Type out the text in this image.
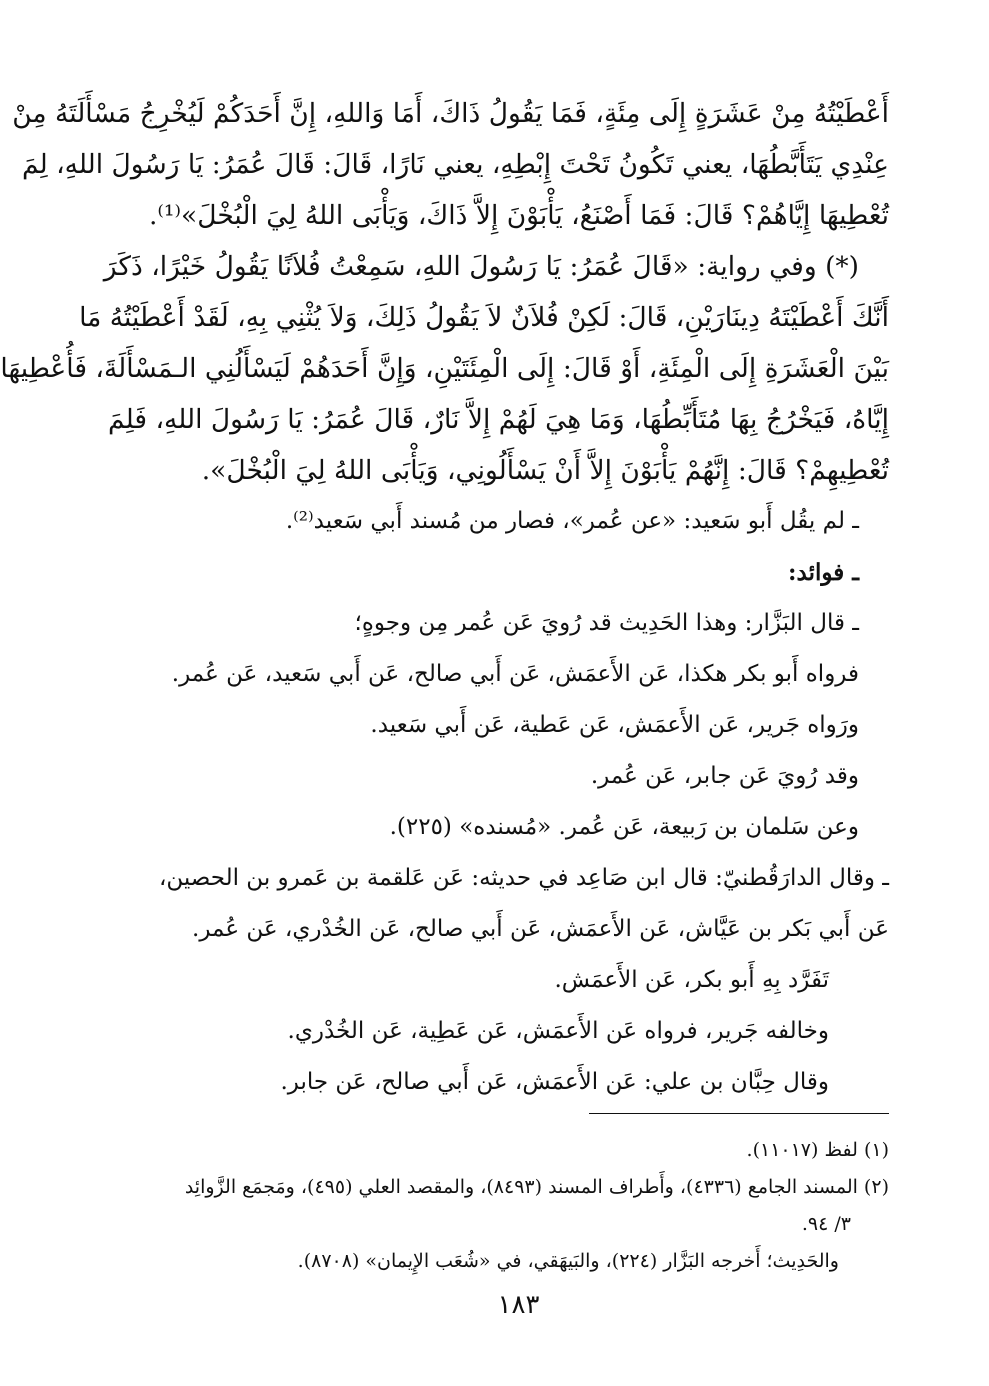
أَعْطَيْتُهُ مِنْ عَشَرَةٍ إِلَى مِئَةٍ، فَمَا يَقُولُ ذَاكَ، أَمَا وَاللهِ، إِنَّ أَحَدَكُمْ لَيُخْرِجُ مَسْأَلَتَهُ مِنْ
عِنْدِي يَتَأَبَّطُهَا، يعني تَكُونُ تَحْتَ إِبْطِهِ، يعني نَارًا، قَالَ: قَالَ عُمَرُ: يَا رَسُولَ اللهِ، لِمَ
تُعْطِيهَا إِيَّاهُمْ؟ قَالَ: فَمَا أَصْنَعُ، يَأْبَوْنَ إِلاَّ ذَاكَ، وَيَأْبَى اللهُ لِيَ الْبُخْلَ»⁽¹⁾.
(*) وفي رواية: «قَالَ عُمَرُ: يَا رَسُولَ اللهِ، سَمِعْتُ فُلاَنًا يَقُولُ خَيْرًا، ذَكَرَ
أَنَّكَ أَعْطَيْتَهُ دِينَارَيْنِ، قَالَ: لَكِنْ فُلاَنٌ لاَ يَقُولُ ذَلِكَ، وَلاَ يُثْنِي بِهِ، لَقَدْ أَعْطَيْتُهُ مَا
بَيْنَ الْعَشَرَةِ إِلَى الْمِئَةِ، أَوْ قَالَ: إِلَى الْمِئَتَيْنِ، وَإِنَّ أَحَدَهُمْ لَيَسْأَلُنِي الـمَسْأَلَةَ، فَأُعْطِيهَا
إِيَّاهُ، فَيَخْرُجُ بِهَا مُتَأَبِّطُهَا، وَمَا هِيَ لَهُمْ إِلاَّ نَارٌ، قَالَ عُمَرُ: يَا رَسُولَ اللهِ، فَلِمَ
تُعْطِيهِمْ؟ قَالَ: إِنَّهُمْ يَأْبَوْنَ إِلاَّ أَنْ يَسْأَلُونِي، وَيَأْبَى اللهُ لِيَ الْبُخْلَ».
ـ لم يقُل أَبو سَعيد: «عن عُمر»، فصار من مُسند أَبي سَعيد⁽²⁾.
ـ فوائد:
ـ قال البَزَّار: وهذا الحَدِيث قد رُويَ عَن عُمر مِن وجوهٍ؛
فرواه أَبو بكر هكذا، عَن الأَعمَش، عَن أَبي صالح، عَن أَبي سَعيد، عَن عُمر.
ورَواه جَرير، عَن الأَعمَش، عَن عَطية، عَن أَبي سَعيد.
وقد رُويَ عَن جابر، عَن عُمر.
وعن سَلمان بن رَبيعة، عَن عُمر. «مُسنده» (٢٢٥).
ـ وقال الدارَقُطنيّ: قال ابن صَاعِد في حديثه: عَن عَلقمة بن عَمرو بن الحصين،
عَن أَبي بَكر بن عَيَّاش، عَن الأَعمَش، عَن أَبي صالح، عَن الخُدْري، عَن عُمر.
تَفَرَّد بِهِ أَبو بكر، عَن الأَعمَش.
وخالفه جَرير، فرواه عَن الأَعمَش، عَن عَطِية، عَن الخُدْري.
وقال حِبَّان بن علي: عَن الأَعمَش، عَن أَبي صالح، عَن جابر.
(١) لفظ (١١٠١٧).
(٢) المسند الجامع (٤٣٣٦)، وأَطراف المسند (٨٤٩٣)، والمقصد العلي (٤٩٥)، ومَجمَع الزَّوائِد
٣/ ٩٤.
والحَدِيث؛ أَخرجه البَزَّار (٢٢٤)، والبَيهَقي، في «شُعَب الإِيمان» (٨٧٠٨).
١٨٣
